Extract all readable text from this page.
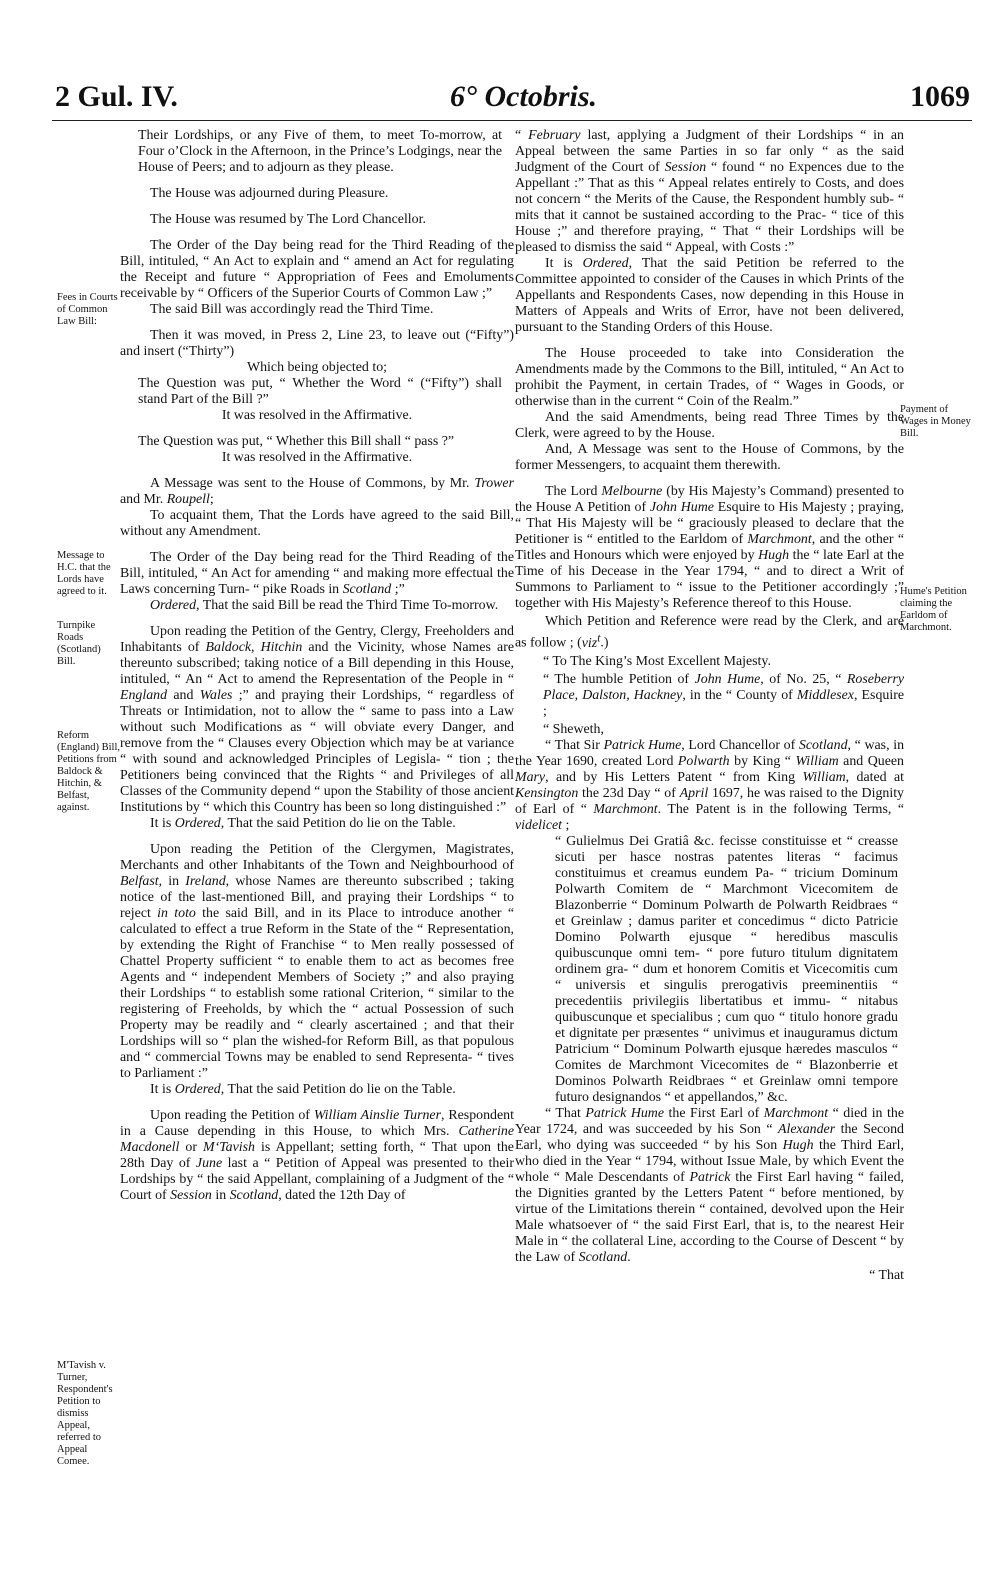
2 Gul. IV.	6° Octobris.	1069
Fees in Courts of Common Law Bill:
Message to H.C. that the Lords have agreed to it.
Turnpike Roads (Scotland) Bill.
Reform (England) Bill, Petitions from Baldock & Hitchin, & Belfast, against.
M'Tavish v. Turner, Respondent's Petition to dismiss Appeal, referred to Appeal Comee.
Payment of Wages in Money Bill.
Hume's Petition claiming the Earldom of Marchmont.

Their Lordships, or any Five of them, to meet To-morrow, at Four o’Clock in the Afternoon, in the Prince’s Lodgings, near the House of Peers; and to adjourn as they please.

The House was adjourned during Pleasure.

The House was resumed by The Lord Chancellor.

The Order of the Day being read for the Third Reading of the Bill, intituled, “ An Act to explain and “ amend an Act for regulating the Receipt and future “ Appropriation of Fees and Emoluments receivable by “ Officers of the Superior Courts of Common Law ;”

The said Bill was accordingly read the Third Time.

Then it was moved, in Press 2, Line 23, to leave out (“Fifty”) and insert (“Thirty”)

Which being objected to;

The Question was put, “ Whether the Word “ (“Fifty”) shall stand Part of the Bill ?”

It was resolved in the Affirmative.

The Question was put, “ Whether this Bill shall “ pass ?”

It was resolved in the Affirmative.

A Message was sent to the House of Commons, by Mr. Trower and Mr. Roupell;

To acquaint them, That the Lords have agreed to the said Bill, without any Amendment.

The Order of the Day being read for the Third Reading of the Bill, intituled, “ An Act for amending “ and making more effectual the Laws concerning Turn- “ pike Roads in Scotland ;”

Ordered, That the said Bill be read the Third Time To-morrow.

Upon reading the Petition of the Gentry, Clergy, Freeholders and Inhabitants of Baldock, Hitchin and the Vicinity, whose Names are thereunto subscribed; taking notice of a Bill depending in this House, intituled, “ An “ Act to amend the Representation of the People in “ England and Wales ;” and praying their Lordships, “ regardless of Threats or Intimidation, not to allow the “ same to pass into a Law without such Modifications as “ will obviate every Danger, and remove from the “ Clauses every Objection which may be at variance “ with sound and acknowledged Principles of Legisla- “ tion ; the Petitioners being convinced that the Rights “ and Privileges of all Classes of the Community depend “ upon the Stability of those ancient Institutions by “ which this Country has been so long distinguished :”

It is Ordered, That the said Petition do lie on the Table.

Upon reading the Petition of the Clergymen, Magistrates, Merchants and other Inhabitants of the Town and Neighbourhood of Belfast, in Ireland, whose Names are thereunto subscribed ; taking notice of the last-mentioned Bill, and praying their Lordships “ to reject in toto the said Bill, and in its Place to introduce another “ calculated to effect a true Reform in the State of the “ Representation, by extending the Right of Franchise “ to Men really possessed of Chattel Property sufficient “ to enable them to act as becomes free Agents and “ independent Members of Society ;” and also praying their Lordships “ to establish some rational Criterion, “ similar to the registering of Freeholds, by which the “ actual Possession of such Property may be readily and “ clearly ascertained ; and that their Lordships will so “ plan the wished-for Reform Bill, as that populous and “ commercial Towns may be enabled to send Representa- “ tives to Parliament :”

It is Ordered, That the said Petition do lie on the Table.

Upon reading the Petition of William Ainslie Turner, Respondent in a Cause depending in this House, to which Mrs. Catherine Macdonell or M‘Tavish is Appellant; setting forth, “ That upon the 28th Day of June last a “ Petition of Appeal was presented to their Lordships by “ the said Appellant, complaining of a Judgment of the “ Court of Session in Scotland, dated the 12th Day of

“ February last, applying a Judgment of their Lordships “ in an Appeal between the same Parties in so far only “ as the said Judgment of the Court of Session “ found “ no Expences due to the Appellant :” That as this “ Appeal relates entirely to Costs, and does not concern “ the Merits of the Cause, the Respondent humbly sub- “ mits that it cannot be sustained according to the Prac- “ tice of this House ;” and therefore praying, “ That “ their Lordships will be pleased to dismiss the said “ Appeal, with Costs :”

It is Ordered, That the said Petition be referred to the Committee appointed to consider of the Causes in which Prints of the Appellants and Respondents Cases, now depending in this House in Matters of Appeals and Writs of Error, have not been delivered, pursuant to the Standing Orders of this House.

The House proceeded to take into Consideration the Amendments made by the Commons to the Bill, intituled, “ An Act to prohibit the Payment, in certain Trades, of “ Wages in Goods, or otherwise than in the current “ Coin of the Realm.”

And the said Amendments, being read Three Times by the Clerk, were agreed to by the House.

And, A Message was sent to the House of Commons, by the former Messengers, to acquaint them therewith.

The Lord Melbourne (by His Majesty’s Command) presented to the House A Petition of John Hume Esquire to His Majesty ; praying, “ That His Majesty will be “ graciously pleased to declare that the Petitioner is “ entitled to the Earldom of Marchmont, and the other “ Titles and Honours which were enjoyed by Hugh the “ late Earl at the Time of his Decease in the Year 1794, “ and to direct a Writ of Summons to Parliament to “ issue to the Petitioner accordingly ;” together with His Majesty’s Reference thereof to this House.

Which Petition and Reference were read by the Clerk, and are as follow ; (viz$^t$.)

“ To The King’s Most Excellent Majesty.

“ The humble Petition of John Hume, of No. 25, “ Roseberry Place, Dalston, Hackney, in the “ County of Middlesex, Esquire ;

“ Sheweth,

“ That Sir Patrick Hume, Lord Chancellor of Scotland, “ was, in the Year 1690, created Lord Polwarth by King “ William and Queen Mary, and by His Letters Patent “ from King William, dated at Kensington the 23d Day “ of April 1697, he was raised to the Dignity of Earl of “ Marchmont. The Patent is in the following Terms, “ videlicet ;

“ Gulielmus Dei Gratiâ &c. fecisse constituisse et “ creasse sicuti per hasce nostras patentes literas “ facimus constituimus et creamus eundem Pa- “ tricium Dominum Polwarth Comitem de “ Marchmont Vicecomitem de Blazonberrie “ Dominum Polwarth de Polwarth Reidbraes “ et Greinlaw ; damus pariter et concedimus “ dicto Patricie Domino Polwarth ejusque “ heredibus masculis quibuscunque omni tem- “ pore futuro titulum dignitatem ordinem gra- “ dum et honorem Comitis et Vicecomitis cum “ universis et singulis prerogativis preeminentiis “ precedentiis privilegiis libertatibus et immu- “ nitabus quibuscunque et specialibus ; cum quo “ titulo honore gradu et dignitate per præsentes “ univimus et inauguramus dictum Patricium “ Dominum Polwarth ejusque hæredes masculos “ Comites de Marchmont Vicecomites de “ Blazonberrie et Dominos Polwarth Reidbraes “ et Greinlaw omni tempore futuro designandos “ et appellandos,” &c.

“ That Patrick Hume the First Earl of Marchmont “ died in the Year 1724, and was succeeded by his Son “ Alexander the Second Earl, who dying was succeeded “ by his Son Hugh the Third Earl, who died in the Year “ 1794, without Issue Male, by which Event the whole “ Male Descendants of Patrick the First Earl having “ failed, the Dignities granted by the Letters Patent “ before mentioned, by virtue of the Limitations therein “ contained, devolved upon the Heir Male whatsoever of “ the said First Earl, that is, to the nearest Heir Male in “ the collateral Line, according to the Course of Descent “ by the Law of Scotland.

“ That
